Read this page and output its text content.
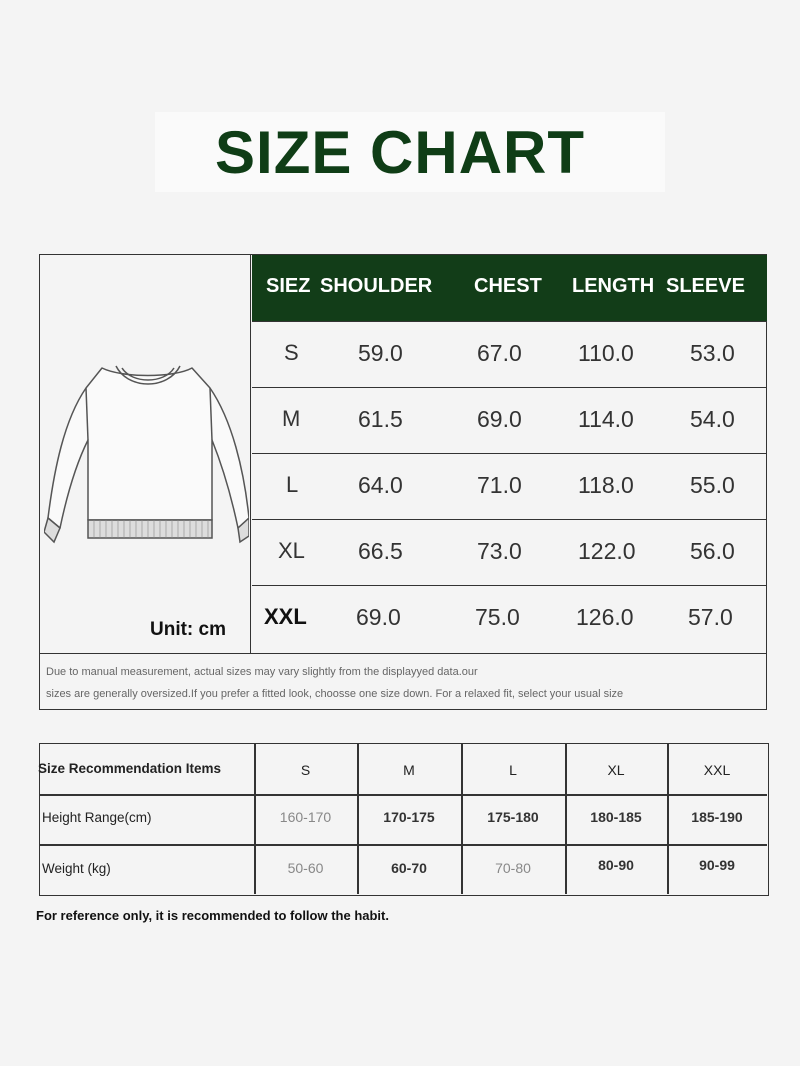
SIZE CHART
Unit: cm
SIEZ SHOULDER CHEST LENGTH SLEEVE
S	59.0	67.0 110.0 53.0
M	61.5	69.0 114.0 54.0
L	64.0	71.0 118.0 55.0
XL 66.5	73.0 122.0 56.0
XXL 69.0	75.0 126.0 57.0
Due to manual measurement, actual sizes may vary slightly from the displayyed data.our
sizes are generally oversized.If you prefer a fitted look, choosse one size down. For a relaxed fit, select your usual size
Size Recommendation Items	S	M	L	XL	XXL
Height Range(cm)	160-170	170-175	175-180	180-185	185-190
Weight (kg)	50-60	60-70	70-80	80-90	90-99
For reference only, it is recommended to follow the habit.
